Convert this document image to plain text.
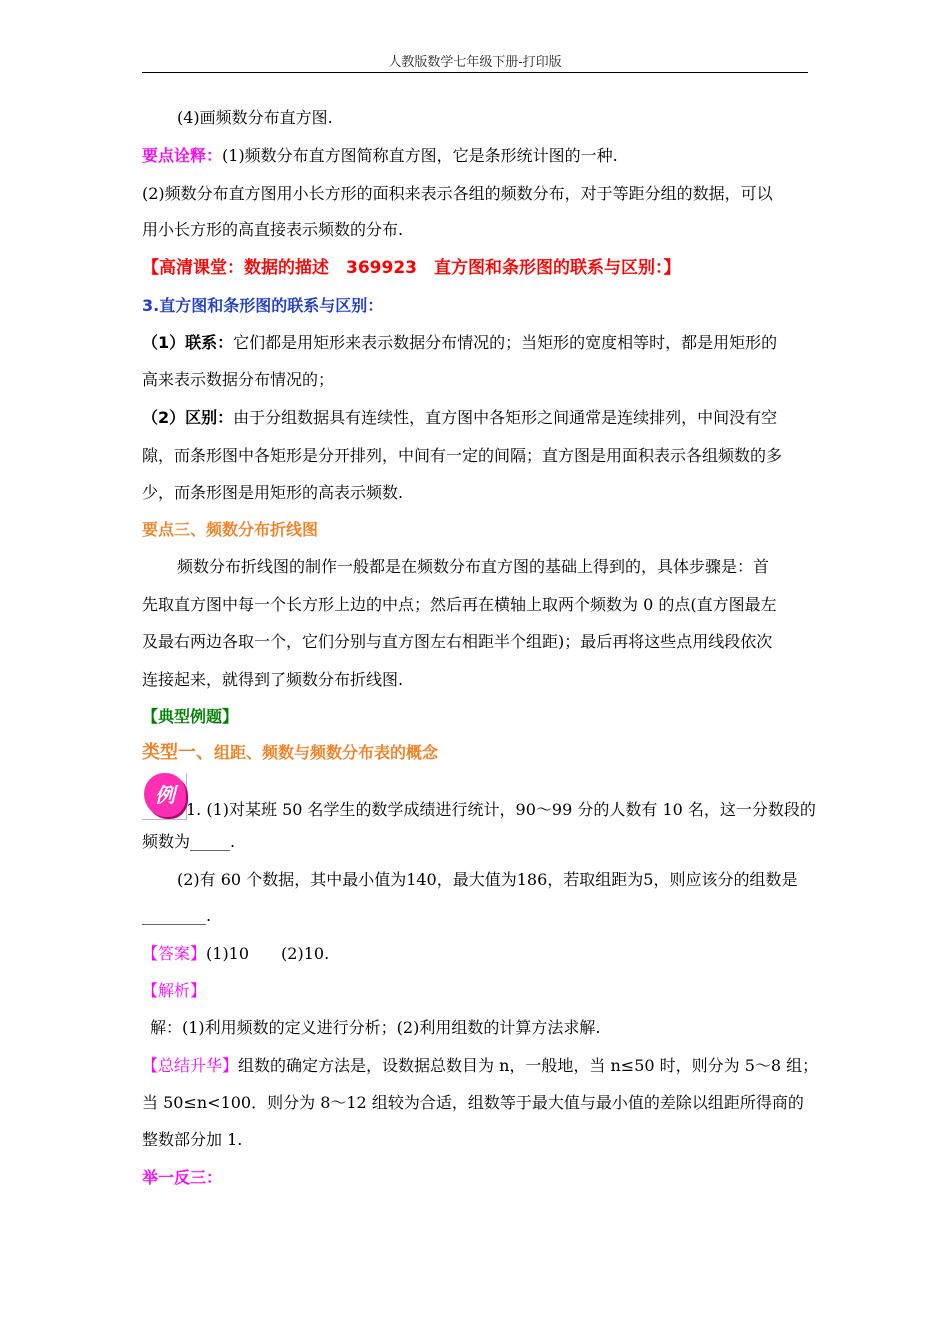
人教版数学七年级下册-打印版
(4)画频数分布直方图.
要点诠释：(1)频数分布直方图简称直方图，它是条形统计图的一种.
(2)频数分布直方图用小长方形的面积来表示各组的频数分布，对于等距分组的数据，可以
用小长方形的高直接表示频数的分布.
【高清课堂：数据的描述　369923　直方图和条形图的联系与区别：】
3.直方图和条形图的联系与区别：
（1）联系：它们都是用矩形来表示数据分布情况的；当矩形的宽度相等时，都是用矩形的
高来表示数据分布情况的；
（2）区别：由于分组数据具有连续性，直方图中各矩形之间通常是连续排列，中间没有空
隙，而条形图中各矩形是分开排列，中间有一定的间隔；直方图是用面积表示各组频数的多
少，而条形图是用矩形的高表示频数.
要点三、频数分布折线图
频数分布折线图的制作一般都是在频数分布直方图的基础上得到的，具体步骤是：首
先取直方图中每一个长方形上边的中点；然后再在横轴上取两个频数为 0 的点(直方图最左
及最右两边各取一个，它们分别与直方图左右相距半个组距)；最后再将这些点用线段依次
连接起来，就得到了频数分布折线图.
【典型例题】
类型一、组距、频数与频数分布表的概念
例
1. (1)对某班 50 名学生的数学成绩进行统计，90～99 分的人数有 10 名，这一分数段的
频数为_____.
(2)有 60 个数据，其中最小值为140，最大值为186，若取组距为5，则应该分的组数是
________.
【答案】(1)10　　(2)10.
【解析】
解：(1)利用频数的定义进行分析；(2)利用组数的计算方法求解.
【总结升华】组数的确定方法是，设数据总数目为 n，一般地，当 n≤50 时，则分为 5～8 组；
当 50≤n<100．则分为 8～12 组较为合适，组数等于最大值与最小值的差除以组距所得商的
整数部分加 1.
举一反三：
